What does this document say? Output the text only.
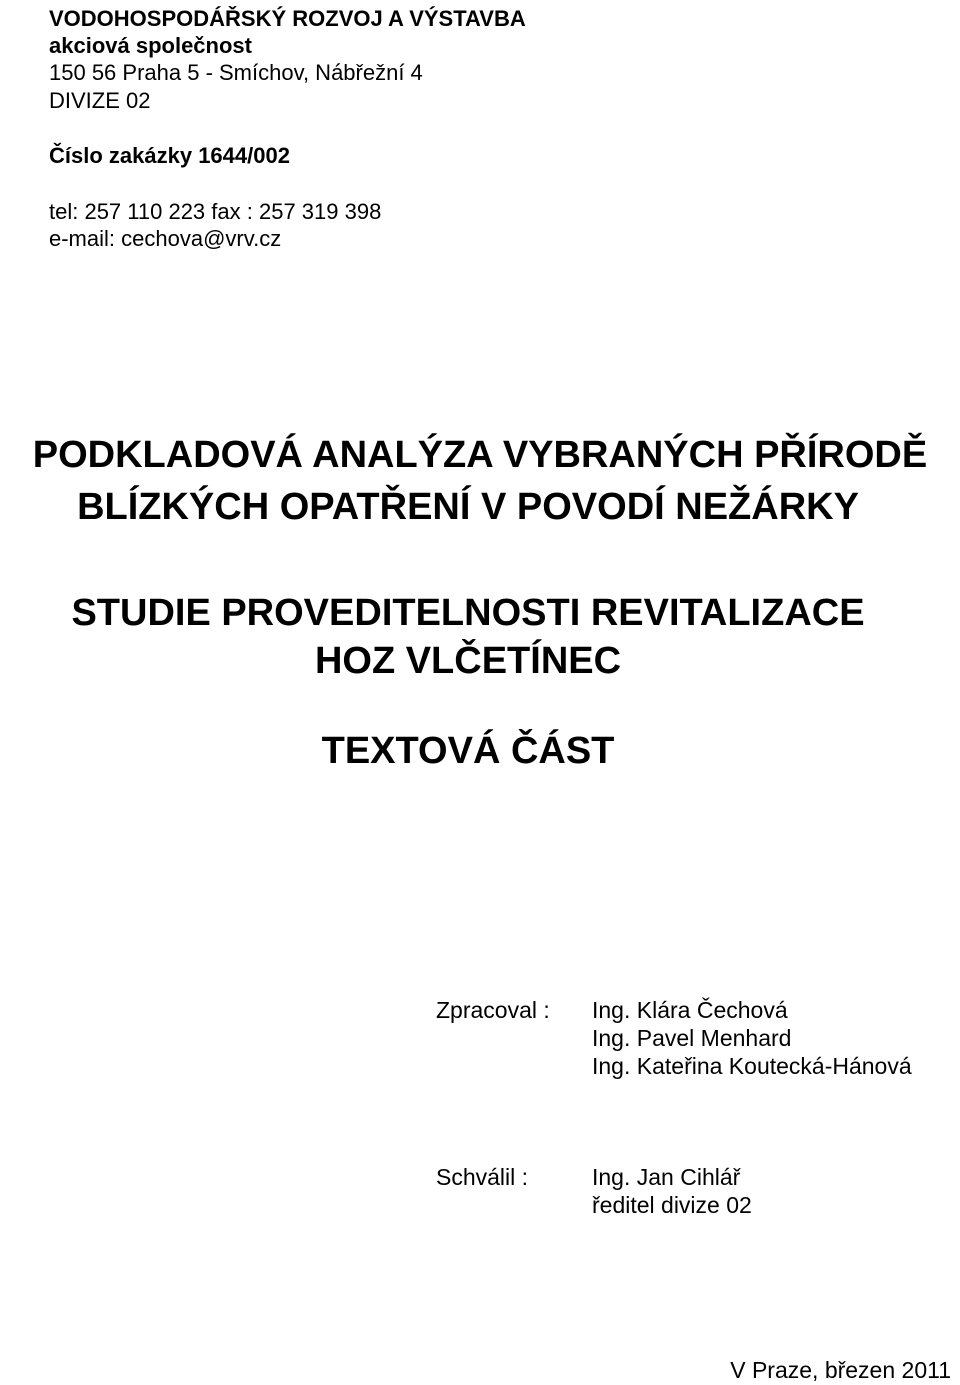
VODOHOSPODÁŘSKÝ ROZVOJ A VÝSTAVBA
akciová společnost
150 56 Praha 5 - Smíchov, Nábřežní 4
DIVIZE 02
Číslo zakázky 1644/002
tel: 257 110 223 fax : 257 319 398
e-mail: cechova@vrv.cz
PODKLADOVÁ ANALÝZA VYBRANÝCH PŘÍRODĚ
BLÍZKÝCH OPATŘENÍ V POVODÍ NEŽÁRKY
STUDIE PROVEDITELNOSTI REVITALIZACE
HOZ VLČETÍNEC
TEXTOVÁ ČÁST
Zpracoval : Ing. Klára Čechová
Ing. Pavel Menhard
Ing. Kateřina Koutecká-Hánová
Schválil :	Ing. Jan Cihlář
ředitel divize 02
V Praze, březen 2011
